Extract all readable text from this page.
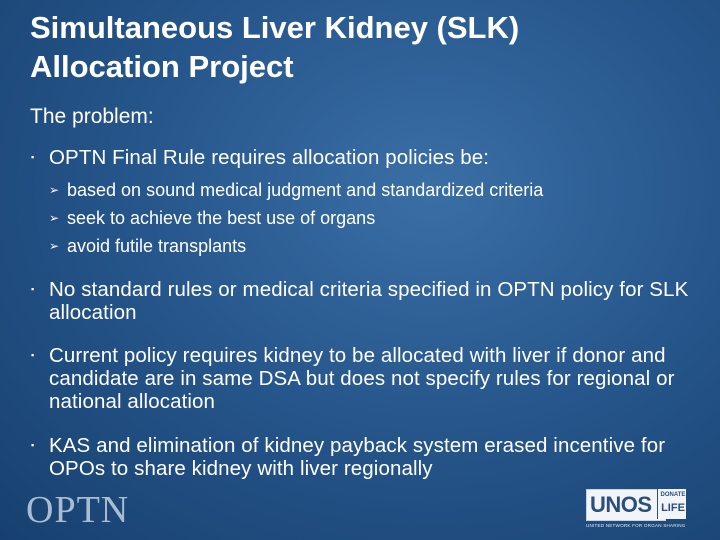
Simultaneous Liver Kidney (SLK)
Allocation Project
The problem:
▪ OPTN Final Rule requires allocation policies be:
➢ based on sound medical judgment and standardized criteria
➢ seek to achieve the best use of organs
➢ avoid futile transplants
▪ No standard rules or medical criteria specified in OPTN policy for SLK allocation
▪ Current policy requires kidney to be allocated with liver if donor and candidate are in same DSA but does not specify rules for regional or national allocation
▪ KAS and elimination of kidney payback system erased incentive for OPOs to share kidney with liver regionally
OPTN	UNOS DONATE
LIFE
UNITED NETWORK FOR ORGAN SHARING
